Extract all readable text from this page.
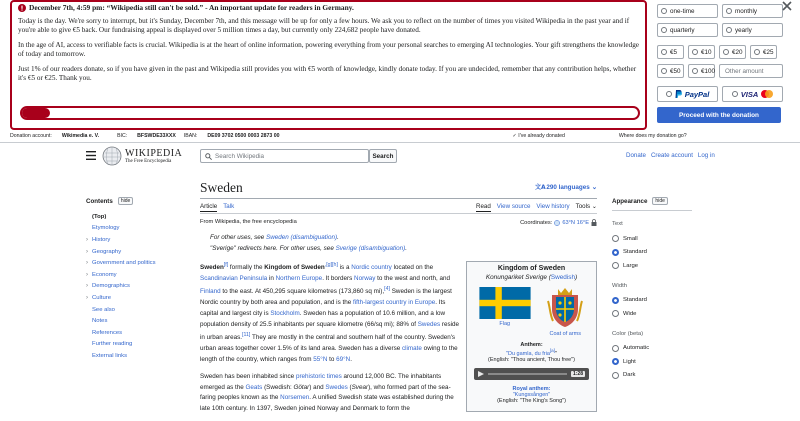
December 7th, 4:59 pm: “Wikipedia still can't be sold.” - An important update for readers in Germany.

Today is the day. We're sorry to interrupt, but it's Sunday, December 7th, and this message will be up for only a few hours. We ask you to reflect on the number of times you visited Wikipedia in the past year and if you're able to give €5 back. Our fundraising appeal is displayed over 5 million times a day, but currently only 224,682 people have donated.

In the age of AI, access to verifiable facts is crucial. Wikipedia is at the heart of online information, powering everything from your personal searches to emerging AI technologies. Your gift strengthens the knowledge of today and tomorrow.

Just 1% of our readers donate, so if you have given in the past and Wikipedia still provides you with €5 worth of knowledge, kindly donate today. If you are undecided, remember that any contribution helps, whether it's €5 or €25. Thank you.

one-time	monthly
quarterly	yearly
€5	€10	€20	€25
€50	€100	Other amount
PayPal	VISA
Proceed with the donation
Donation account: Wikimedia e. V.	BIC: BFSWDE33XXX IBAN: DE09 3702 0500 0003 2873 00	✓ I've already donated	Where does my donation go?
WIKIPEDIA
The Free Encyclopedia
Search Wikipedia	Search	Donate Create account Log in
Contents	hide
(Top)
Etymology
› History
› Geography
› Government and politics
› Economy
› Demographics
› Culture
See also
Notes
References
Further reading
External links
Sweden	文A 290 languages ⌄
Article Talk	Read View source View history Tools ⌄
From Wikipedia, the free encyclopedia	Coordinates: 63°N 16°E
For other uses, see Sweden (disambiguation).
"Sverige" redirects here. For other uses, see Sverige (disambiguation).

Sweden[f] formally the Kingdom of Sweden$^{,[g][h]}$ is a Nordic country located on the Scandinavian Peninsula in Northern Europe. It borders Norway to the west and north, and Finland to the east. At 450,295 square kilometres (173,860 sq mi),[4] Sweden is the largest Nordic country by both area and population, and is the fifth-largest country in Europe. Its capital and largest city is Stockholm. Sweden has a population of 10.6 million, and a low population density of 25.5 inhabitants per square kilometre (66/sq mi); 88% of Swedes reside in urban areas.[11] They are mostly in the central and southern half of the country. Sweden's urban areas together cover 1.5% of its land area. Sweden has a diverse climate owing to the length of the country, which ranges from 55°N to 69°N.

Sweden has been inhabited since prehistoric times around 12,000 BC. The inhabitants emerged as the Geats (Swedish: Götar) and Swedes (Svear), who formed part of the sea-faring peoples known as the Norsemen. A unified Swedish state was established during the late 10th century. In 1397, Sweden joined Norway and Denmark to form the

Kingdom of Sweden
Konungariket Sverige (Swedish)
Flag
Coat of arms
Anthem:
"Du gamla, du fria[a]"
(English: "Thou ancient, Thou free")
1:28
Royal anthem:
"Kungssången"
(English: "The King's Song")
Appearance	hide
Text
Small
Standard
Large
Width
Standard
Wide
Color (beta)
Automatic
Light
Dark
